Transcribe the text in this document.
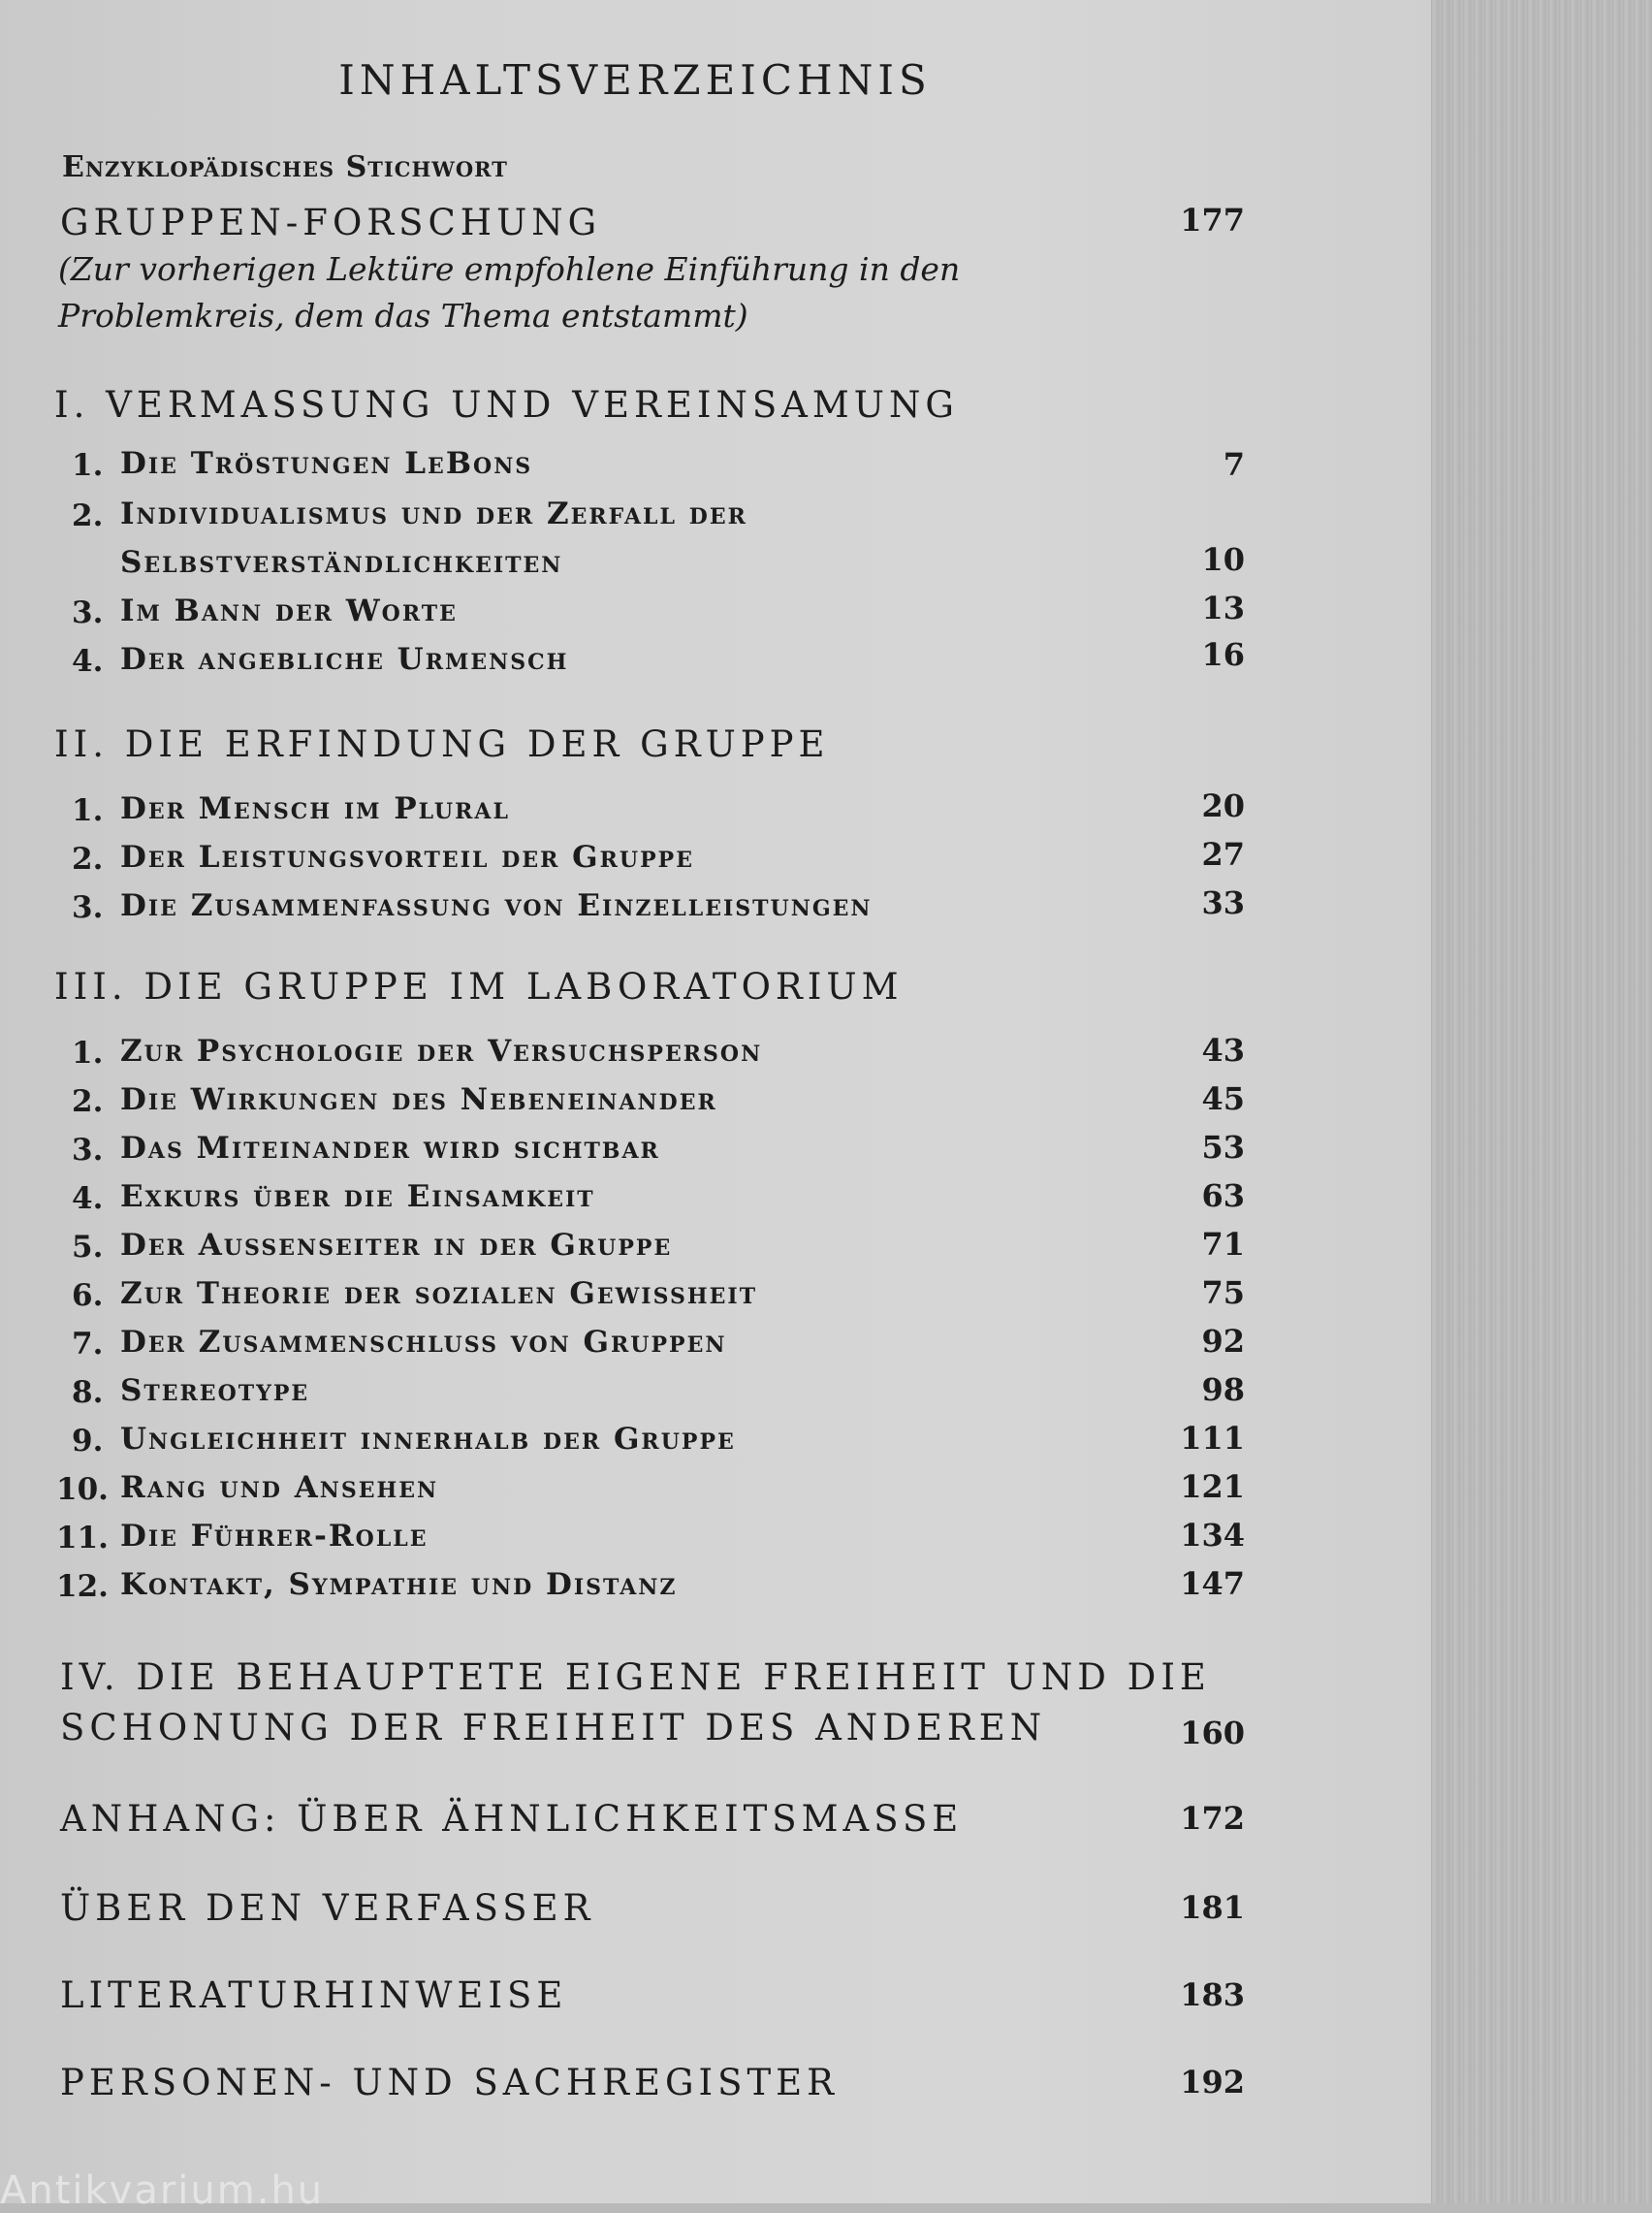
INHALTSVERZEICHNIS
Enzyklopädisches Stichwort
GRUPPEN-FORSCHUNG	177
(Zur vorherigen Lektüre empfohlene Einführung in den
Problemkreis, dem das Thema entstammt)
I. VERMASSUNG UND VEREINSAMUNG
1. Die Tröstungen LeBons	7
2. Individualismus und der Zerfall der
Selbstverständlichkeiten	10
3. Im Bann der Worte	13
4. Der angebliche Urmensch	16
II. DIE ERFINDUNG DER GRUPPE
1. Der Mensch im Plural	20
2. Der Leistungsvorteil der Gruppe	27
3. Die Zusammenfassung von Einzelleistungen	33
III. DIE GRUPPE IM LABORATORIUM
1. Zur Psychologie der Versuchsperson	43
2. Die Wirkungen des Nebeneinander	45
3. Das Miteinander wird sichtbar	53
4. Exkurs über die Einsamkeit	63
5. Der Aussenseiter in der Gruppe	71
6. Zur Theorie der sozialen Gewissheit	75
7. Der Zusammenschluss von Gruppen	92
8. Stereotype	98
9. Ungleichheit innerhalb der Gruppe	111
10. Rang und Ansehen	121
11. Die Führer-Rolle	134
12. Kontakt, Sympathie und Distanz	147
IV. DIE BEHAUPTETE EIGENE FREIHEIT UND DIE
SCHONUNG DER FREIHEIT DES ANDEREN	160
ANHANG: ÜBER ÄHNLICHKEITSMASSE	172
ÜBER DEN VERFASSER	181
LITERATURHINWEISE	183
PERSONEN- UND SACHREGISTER	192
Antikvarium.hu
